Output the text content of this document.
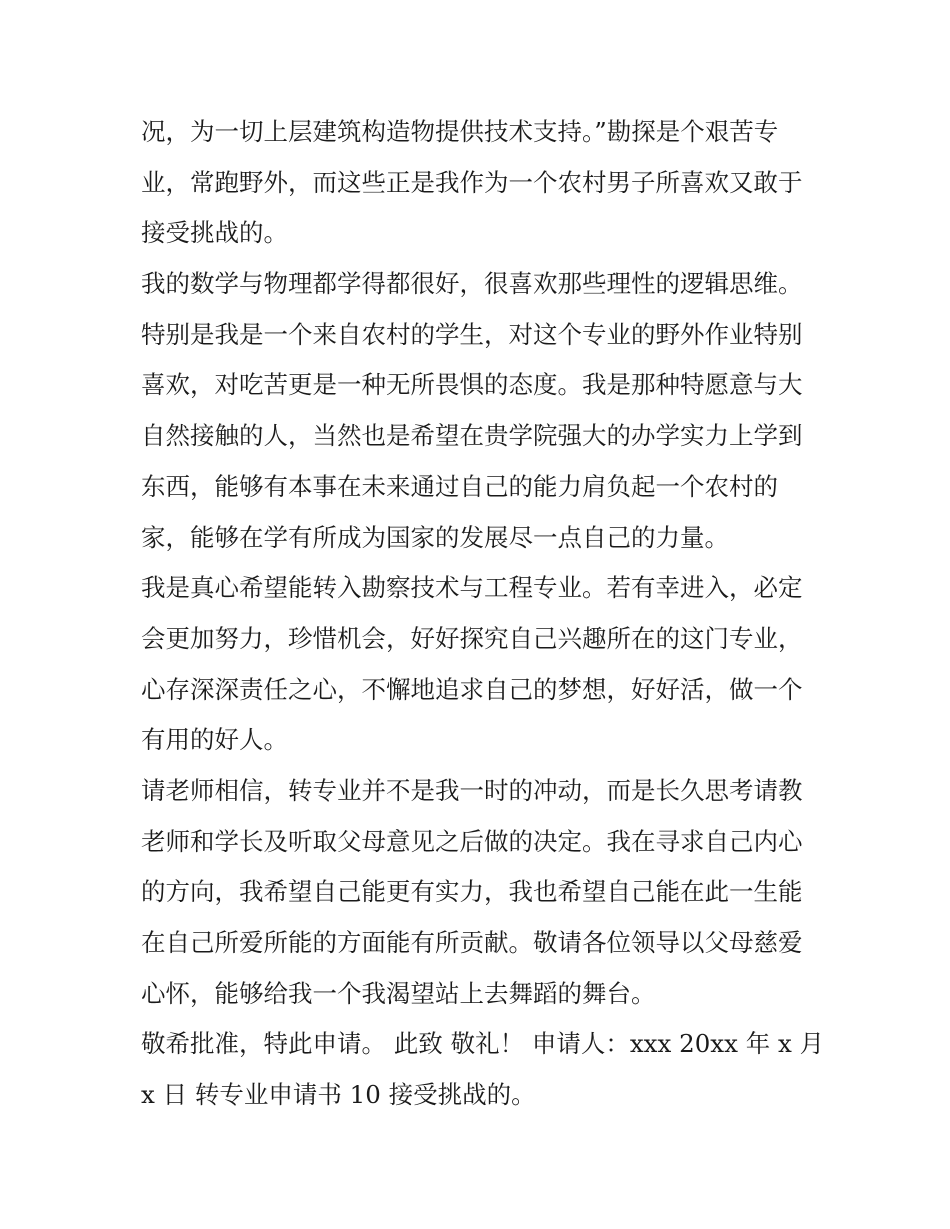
况，为一切上层建筑构造物提供技术支持。”勘探是个艰苦专
业，常跑野外，而这些正是我作为一个农村男子所喜欢又敢于
接受挑战的。
我的数学与物理都学得都很好，很喜欢那些理性的逻辑思维。
特别是我是一个来自农村的学生，对这个专业的野外作业特别
喜欢，对吃苦更是一种无所畏惧的态度。我是那种特愿意与大
自然接触的人，当然也是希望在贵学院强大的办学实力上学到
东西，能够有本事在未来通过自己的能力肩负起一个农村的
家，能够在学有所成为国家的发展尽一点自己的力量。
我是真心希望能转入勘察技术与工程专业。若有幸进入，必定
会更加努力，珍惜机会，好好探究自己兴趣所在的这门专业，
心存深深责任之心，不懈地追求自己的梦想，好好活，做一个
有用的好人。
请老师相信，转专业并不是我一时的冲动，而是长久思考请教
老师和学长及听取父母意见之后做的决定。我在寻求自己内心
的方向，我希望自己能更有实力，我也希望自己能在此一生能
在自己所爱所能的方面能有所贡献。敬请各位领导以父母慈爱
心怀，能够给我一个我渴望站上去舞蹈的舞台。
敬希批准，特此申请。 此致 敬礼！ 申请人：xxx 20xx 年 x 月
x 日 转专业申请书 10 接受挑战的。
